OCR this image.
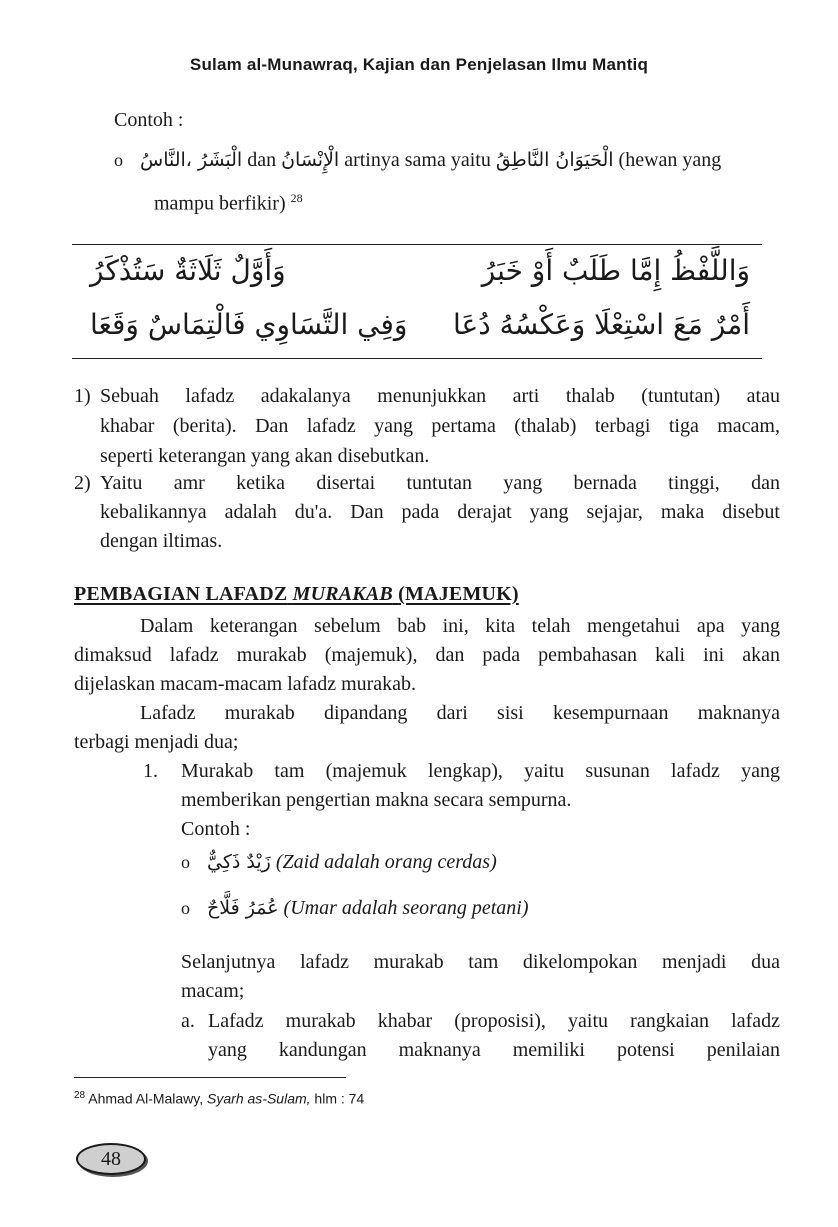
Sulam al-Munawraq, Kajian dan Penjelasan Ilmu Mantiq
Contoh :
o الْبَشَرُ ،النَّاسُ dan الْإِنْسَانُ artinya sama yaitu الْحَيَوَانُ النَّاطِقُ (hewan yang
mampu berfikir) $^{28}$
وَاللَّفْظُ إِمَّا طَلَبٌ أَوْ خَبَرُ
وَأَوَّلٌ ثَلَاثَةٌ سَتُذْكَرُ
أَمْرٌ مَعَ اسْتِعْلَا وَعَكْسُهُ دُعَا
وَفِي التَّسَاوِي فَالْتِمَاسٌ وَقَعَا
1) Sebuah lafadz adakalanya menunjukkan arti thalab (tuntutan) atau
khabar (berita). Dan lafadz yang pertama (thalab) terbagi tiga macam,
seperti keterangan yang akan disebutkan.
2) Yaitu amr ketika disertai tuntutan yang bernada tinggi, dan
kebalikannya adalah du'a. Dan pada derajat yang sejajar, maka disebut
dengan iltimas.
PEMBAGIAN LAFADZ MURAKAB (MAJEMUK)
Dalam keterangan sebelum bab ini, kita telah mengetahui apa yang
dimaksud lafadz murakab (majemuk), dan pada pembahasan kali ini akan
dijelaskan macam-macam lafadz murakab.
Lafadz murakab dipandang dari sisi kesempurnaan maknanya
terbagi menjadi dua;
1. Murakab tam (majemuk lengkap), yaitu susunan lafadz yang
memberikan pengertian makna secara sempurna.
Contoh :
o زَيْدٌ ذَكِيٌّ (Zaid adalah orang cerdas)
o عُمَرُ فَلَّاحٌ (Umar adalah seorang petani)
Selanjutnya lafadz murakab tam dikelompokan menjadi dua
macam;
a. Lafadz murakab khabar (proposisi), yaitu rangkaian lafadz
yang kandungan maknanya memiliki potensi penilaian
$^{28}$ Ahmad Al-Malawy, Syarh as-Sulam, hlm : 74
48
